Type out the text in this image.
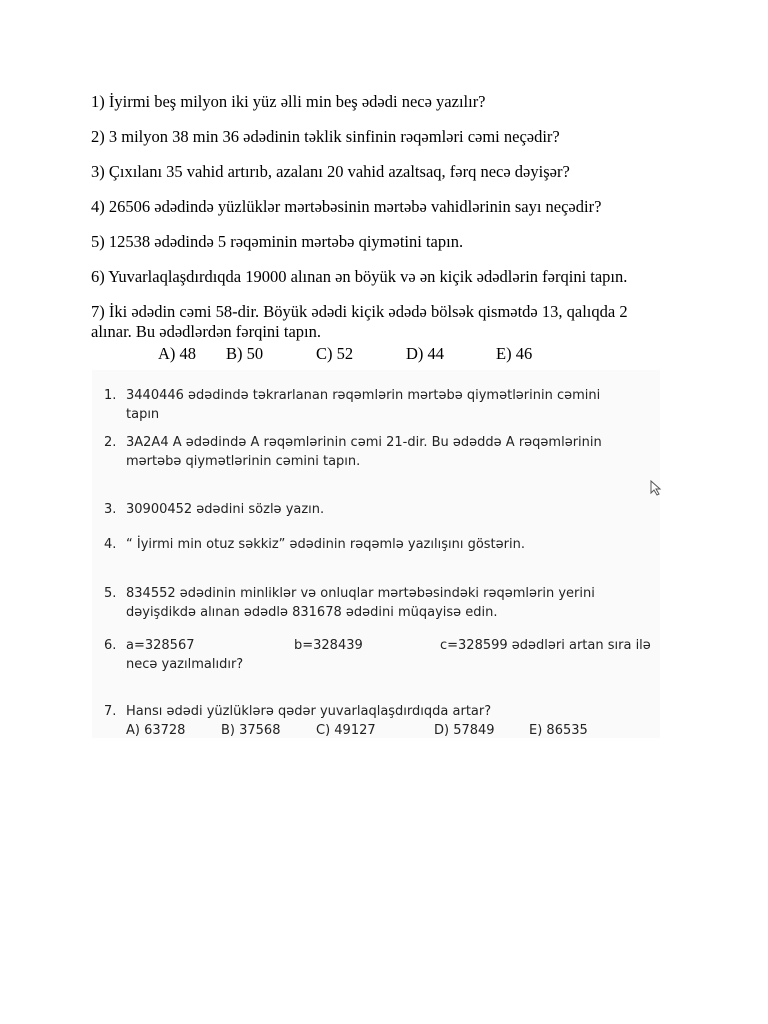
1) İyirmi beş milyon iki yüz əlli min beş ədədi necə yazılır?

2) 3 milyon 38 min 36 ədədinin təklik sinfinin rəqəmləri cəmi neçədir?

3) Çıxılanı 35 vahid artırıb, azalanı 20 vahid azaltsaq, fərq necə dəyişər?

4) 26506 ədədində yüzlüklər mərtəbəsinin mərtəbə vahidlərinin sayı neçədir?

5) 12538 ədədində 5 rəqəminin mərtəbə qiymətini tapın.

6) Yuvarlaqlaşdırdıqda 19000 alınan ən böyük və ən kiçik ədədlərin fərqini tapın.

7) İki ədədin cəmi 58-dir. Böyük ədədi kiçik ədədə bölsək qismətdə 13, qalıqda 2 alınar. Bu ədədlərdən fərqini tapın.

A) 48	B) 50	C) 52	D) 44	E) 46
1. 3440446 ədədində təkrarlanan rəqəmlərin mərtəbə qiymətlərinin cəmini
tapın
2. 3A2A4 A ədədində A rəqəmlərinin cəmi 21-dir. Bu ədəddə A rəqəmlərinin
mərtəbə qiymətlərinin cəmini tapın.
3. 30900452 ədədini sözlə yazın.
4. “ İyirmi min otuz səkkiz” ədədinin rəqəmlə yazılışını göstərin.
5. 834552 ədədinin minliklər və onluqlar mərtəbəsindəki rəqəmlərin yerini
dəyişdikdə alınan ədədlə 831678 ədədini müqayisə edin.
6. a=328567	b=328439	c=328599 ədədləri artan sıra ilə
necə yazılmalıdır?
7. Hansı ədədi yüzlüklərə qədər yuvarlaqlaşdırdıqda artar?
A) 63728	B) 37568	C) 49127	D) 57849	E) 86535
